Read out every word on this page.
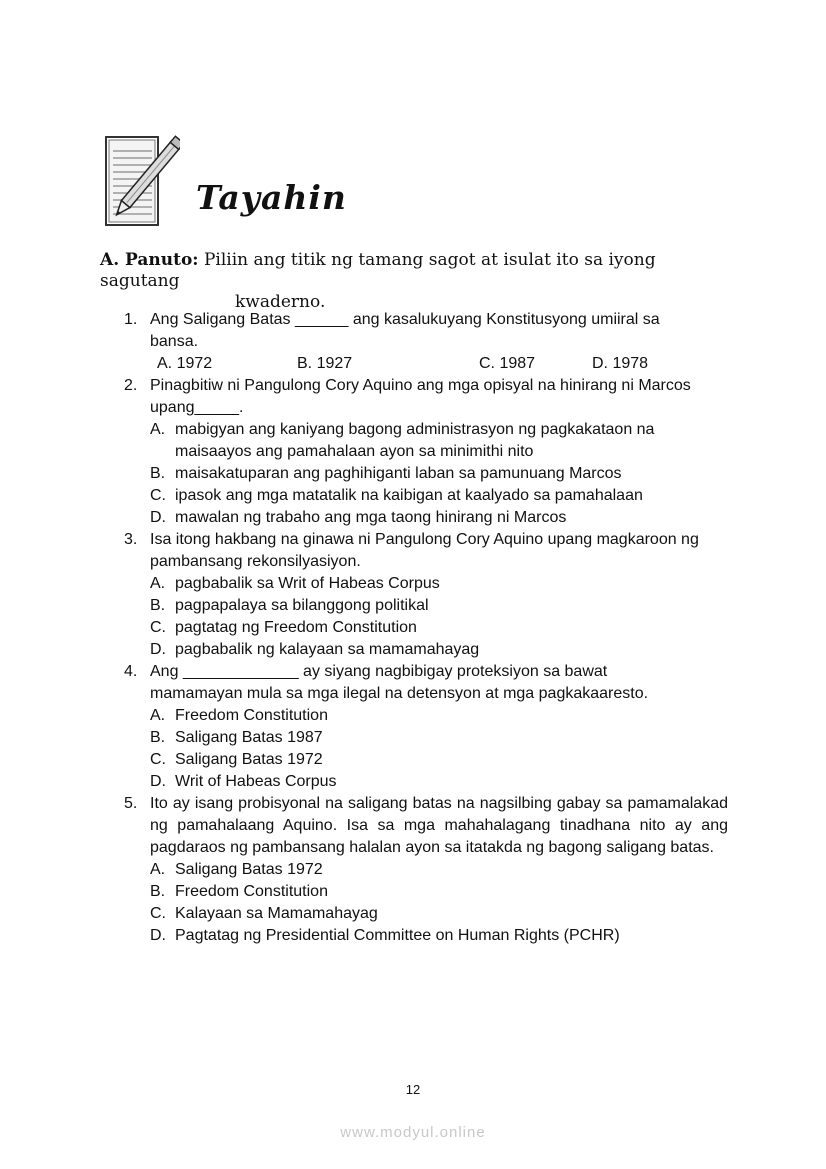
Tayahin
A. Panuto: Piliin ang titik ng tamang sagot at isulat ito sa iyong sagutang
kwaderno.
1. Ang Saligang Batas ______ ang kasalukuyang Konstitusyong umiiral sa
bansa.
A. 1972	B. 1927	C. 1987	D. 1978
2. Pinagbitiw ni Pangulong Cory Aquino ang mga opisyal na hinirang ni Marcos
upang_____.
A. mabigyan ang kaniyang bagong administrasyon ng pagkakataon na
maisaayos ang pamahalaan ayon sa minimithi nito
B. maisakatuparan ang paghihiganti laban sa pamunuang Marcos
C. ipasok ang mga matatalik na kaibigan at kaalyado sa pamahalaan
D. mawalan ng trabaho ang mga taong hinirang ni Marcos
3. Isa itong hakbang na ginawa ni Pangulong Cory Aquino upang magkaroon ng
pambansang rekonsilyasiyon.
A. pagbabalik sa Writ of Habeas Corpus
B. pagpapalaya sa bilanggong politikal
C. pagtatag ng Freedom Constitution
D. pagbabalik ng kalayaan sa mamamahayag
4. Ang _____________ ay siyang nagbibigay proteksiyon sa bawat
mamamayan mula sa mga ilegal na detensyon at mga pagkakaaresto.
A. Freedom Constitution
B. Saligang Batas 1987
C. Saligang Batas 1972
D. Writ of Habeas Corpus
5. Ito ay isang probisyonal na saligang batas na nagsilbing gabay sa pamamalakad ng pamahalaang Aquino. Isa sa mga mahahalagang tinadhana nito ay ang pagdaraos ng pambansang halalan ayon sa itatakda ng bagong saligang batas.
A. Saligang Batas 1972
B. Freedom Constitution
C. Kalayaan sa Mamamahayag
D. Pagtatag ng Presidential Committee on Human Rights (PCHR)
12
www.modyul.online
